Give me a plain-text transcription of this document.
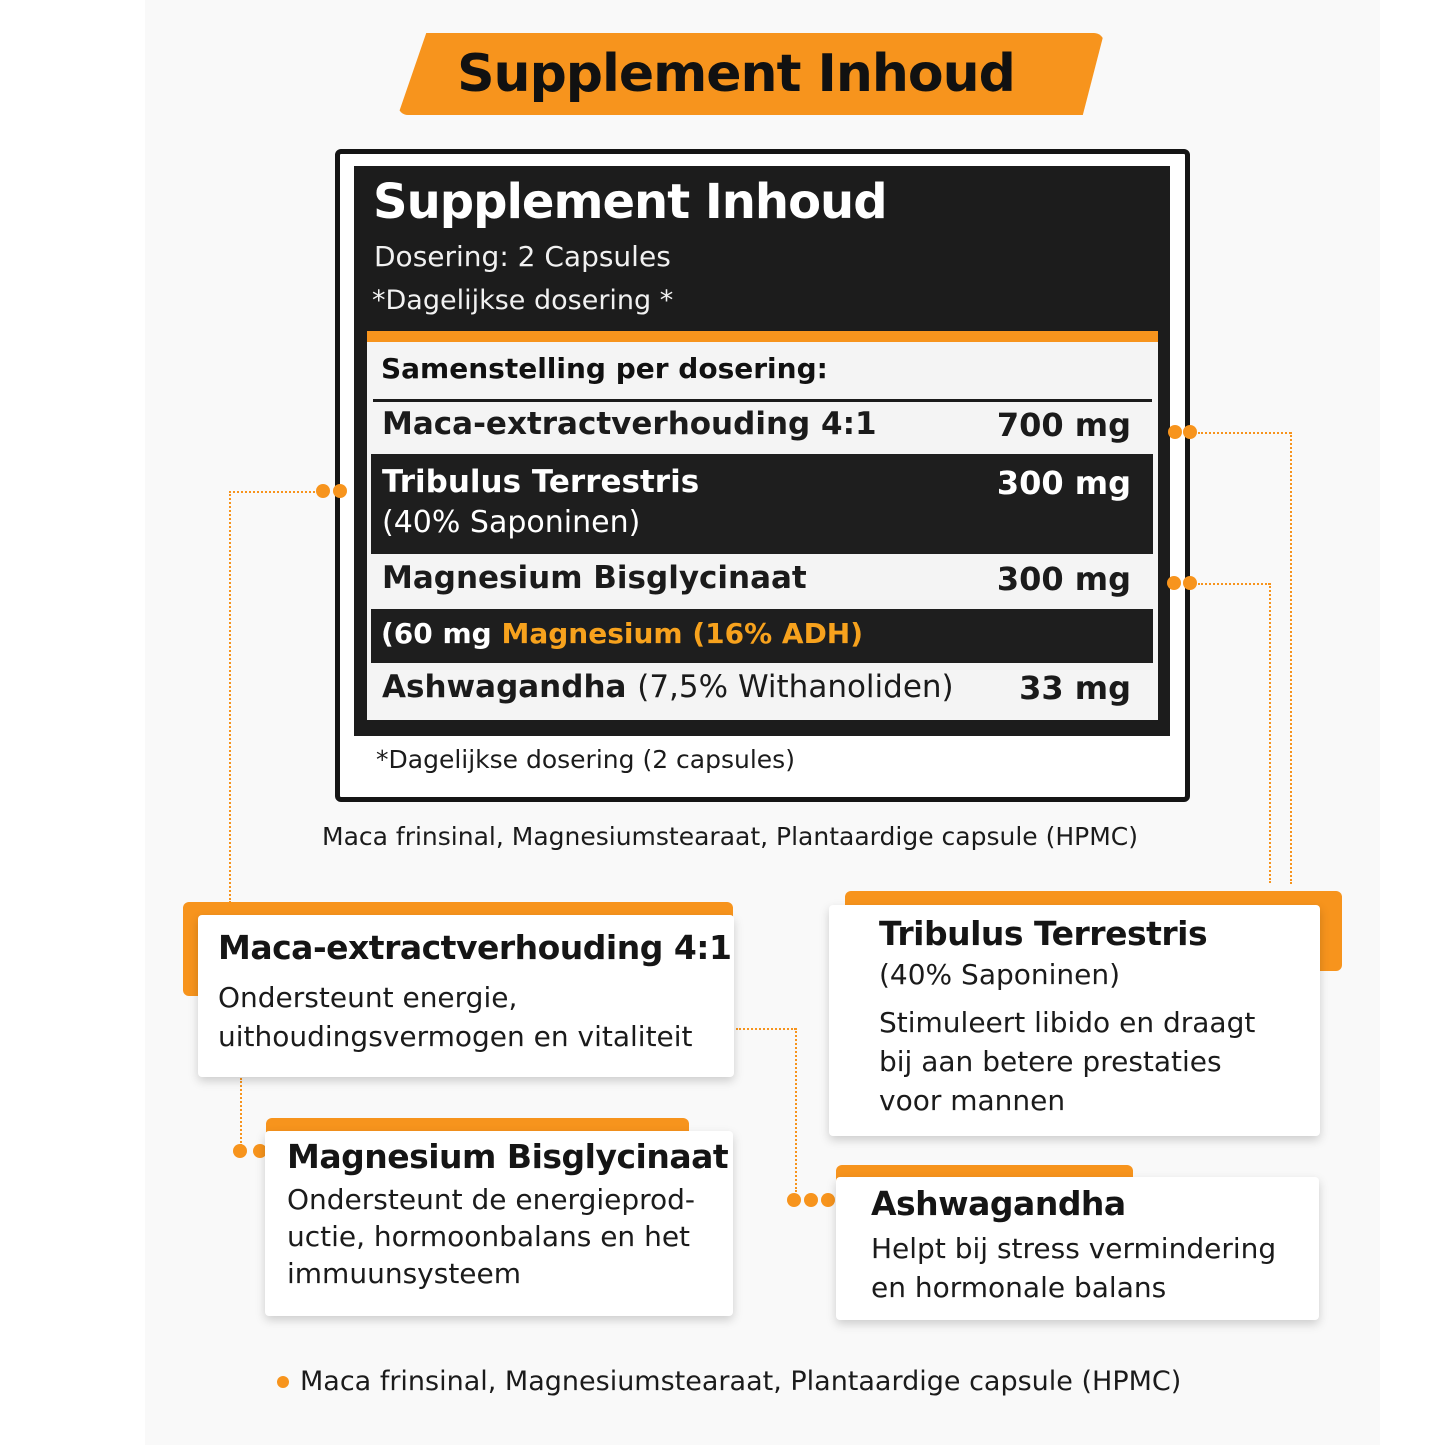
Supplement Inhoud
Supplement Inhoud
Dosering: 2 Capsules
*Dagelijkse dosering *
Samenstelling per dosering:
Maca-extractverhouding 4:1	700 mg
Tribulus Terrestris
(40% Saponinen)
300 mg
Magnesium Bisglycinaat	300 mg
(60 mg Magnesium (16% ADH)
Ashwagandha (7,5% Withanoliden) 33 mg
*Dagelijkse dosering (2 capsules)
Maca frinsinal, Magnesiumstearaat, Plantaardige capsule (HPMC)
Maca-extractverhouding 4:1
Ondersteunt energie,
uithoudingsvermogen en vitaliteit
Tribulus Terrestris
(40% Saponinen)
Stimuleert libido en draagt
bij aan betere prestaties
voor mannen
Magnesium Bisglycinaat
Ondersteunt de energieprod-
uctie, hormoonbalans en het
immuunsysteem
Ashwagandha
Helpt bij stress vermindering
en hormonale balans
Maca frinsinal, Magnesiumstearaat, Plantaardige capsule (HPMC)
